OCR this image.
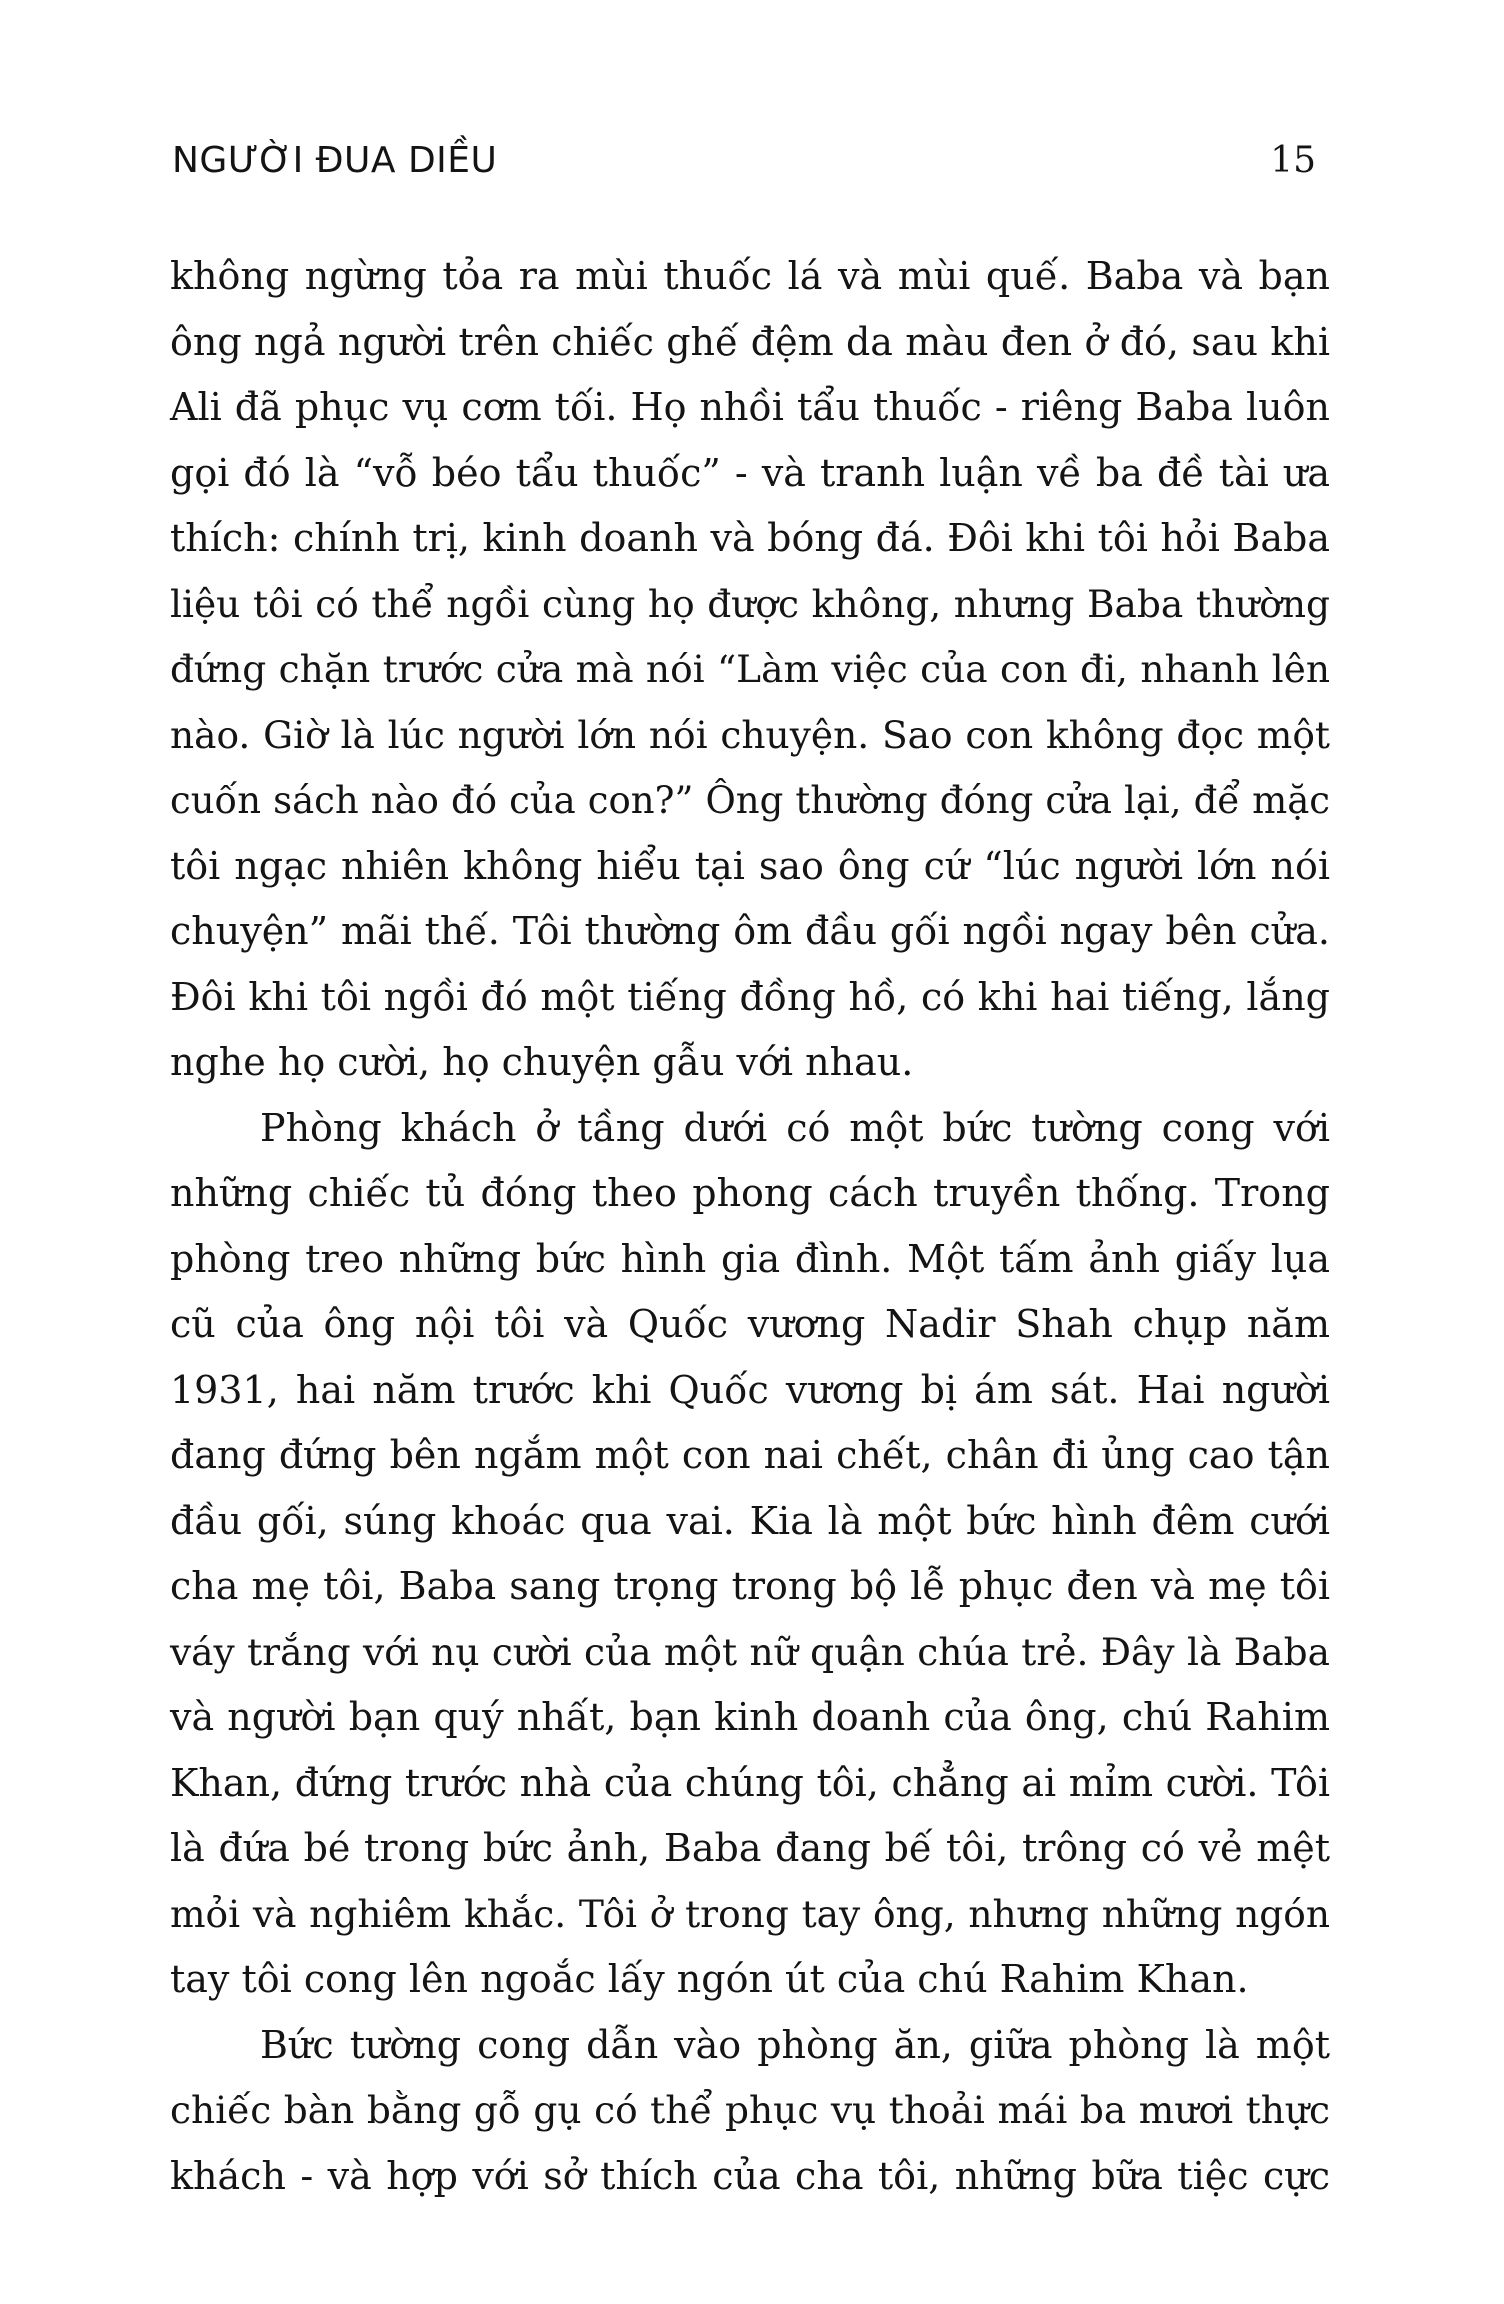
NGƯỜI ĐUA DIỀU	15
không ngừng tỏa ra mùi thuốc lá và mùi quế. Baba và bạn
ông ngả người trên chiếc ghế đệm da màu đen ở đó, sau khi
Ali đã phục vụ cơm tối. Họ nhồi tẩu thuốc - riêng Baba luôn
gọi đó là “vỗ béo tẩu thuốc” - và tranh luận về ba đề tài ưa
thích: chính trị, kinh doanh và bóng đá. Đôi khi tôi hỏi Baba
liệu tôi có thể ngồi cùng họ được không, nhưng Baba thường
đứng chặn trước cửa mà nói “Làm việc của con đi, nhanh lên
nào. Giờ là lúc người lớn nói chuyện. Sao con không đọc một
cuốn sách nào đó của con?” Ông thường đóng cửa lại, để mặc
tôi ngạc nhiên không hiểu tại sao ông cứ “lúc người lớn nói
chuyện” mãi thế. Tôi thường ôm đầu gối ngồi ngay bên cửa.
Đôi khi tôi ngồi đó một tiếng đồng hồ, có khi hai tiếng, lắng
nghe họ cười, họ chuyện gẫu với nhau.
Phòng khách ở tầng dưới có một bức tường cong với
những chiếc tủ đóng theo phong cách truyền thống. Trong
phòng treo những bức hình gia đình. Một tấm ảnh giấy lụa
cũ của ông nội tôi và Quốc vương Nadir Shah chụp năm
1931, hai năm trước khi Quốc vương bị ám sát. Hai người
đang đứng bên ngắm một con nai chết, chân đi ủng cao tận
đầu gối, súng khoác qua vai. Kia là một bức hình đêm cưới
cha mẹ tôi, Baba sang trọng trong bộ lễ phục đen và mẹ tôi
váy trắng với nụ cười của một nữ quận chúa trẻ. Đây là Baba
và người bạn quý nhất, bạn kinh doanh của ông, chú Rahim
Khan, đứng trước nhà của chúng tôi, chẳng ai mỉm cười. Tôi
là đứa bé trong bức ảnh, Baba đang bế tôi, trông có vẻ mệt
mỏi và nghiêm khắc. Tôi ở trong tay ông, nhưng những ngón
tay tôi cong lên ngoắc lấy ngón út của chú Rahim Khan.
Bức tường cong dẫn vào phòng ăn, giữa phòng là một
chiếc bàn bằng gỗ gụ có thể phục vụ thoải mái ba mươi thực
khách - và hợp với sở thích của cha tôi, những bữa tiệc cực
